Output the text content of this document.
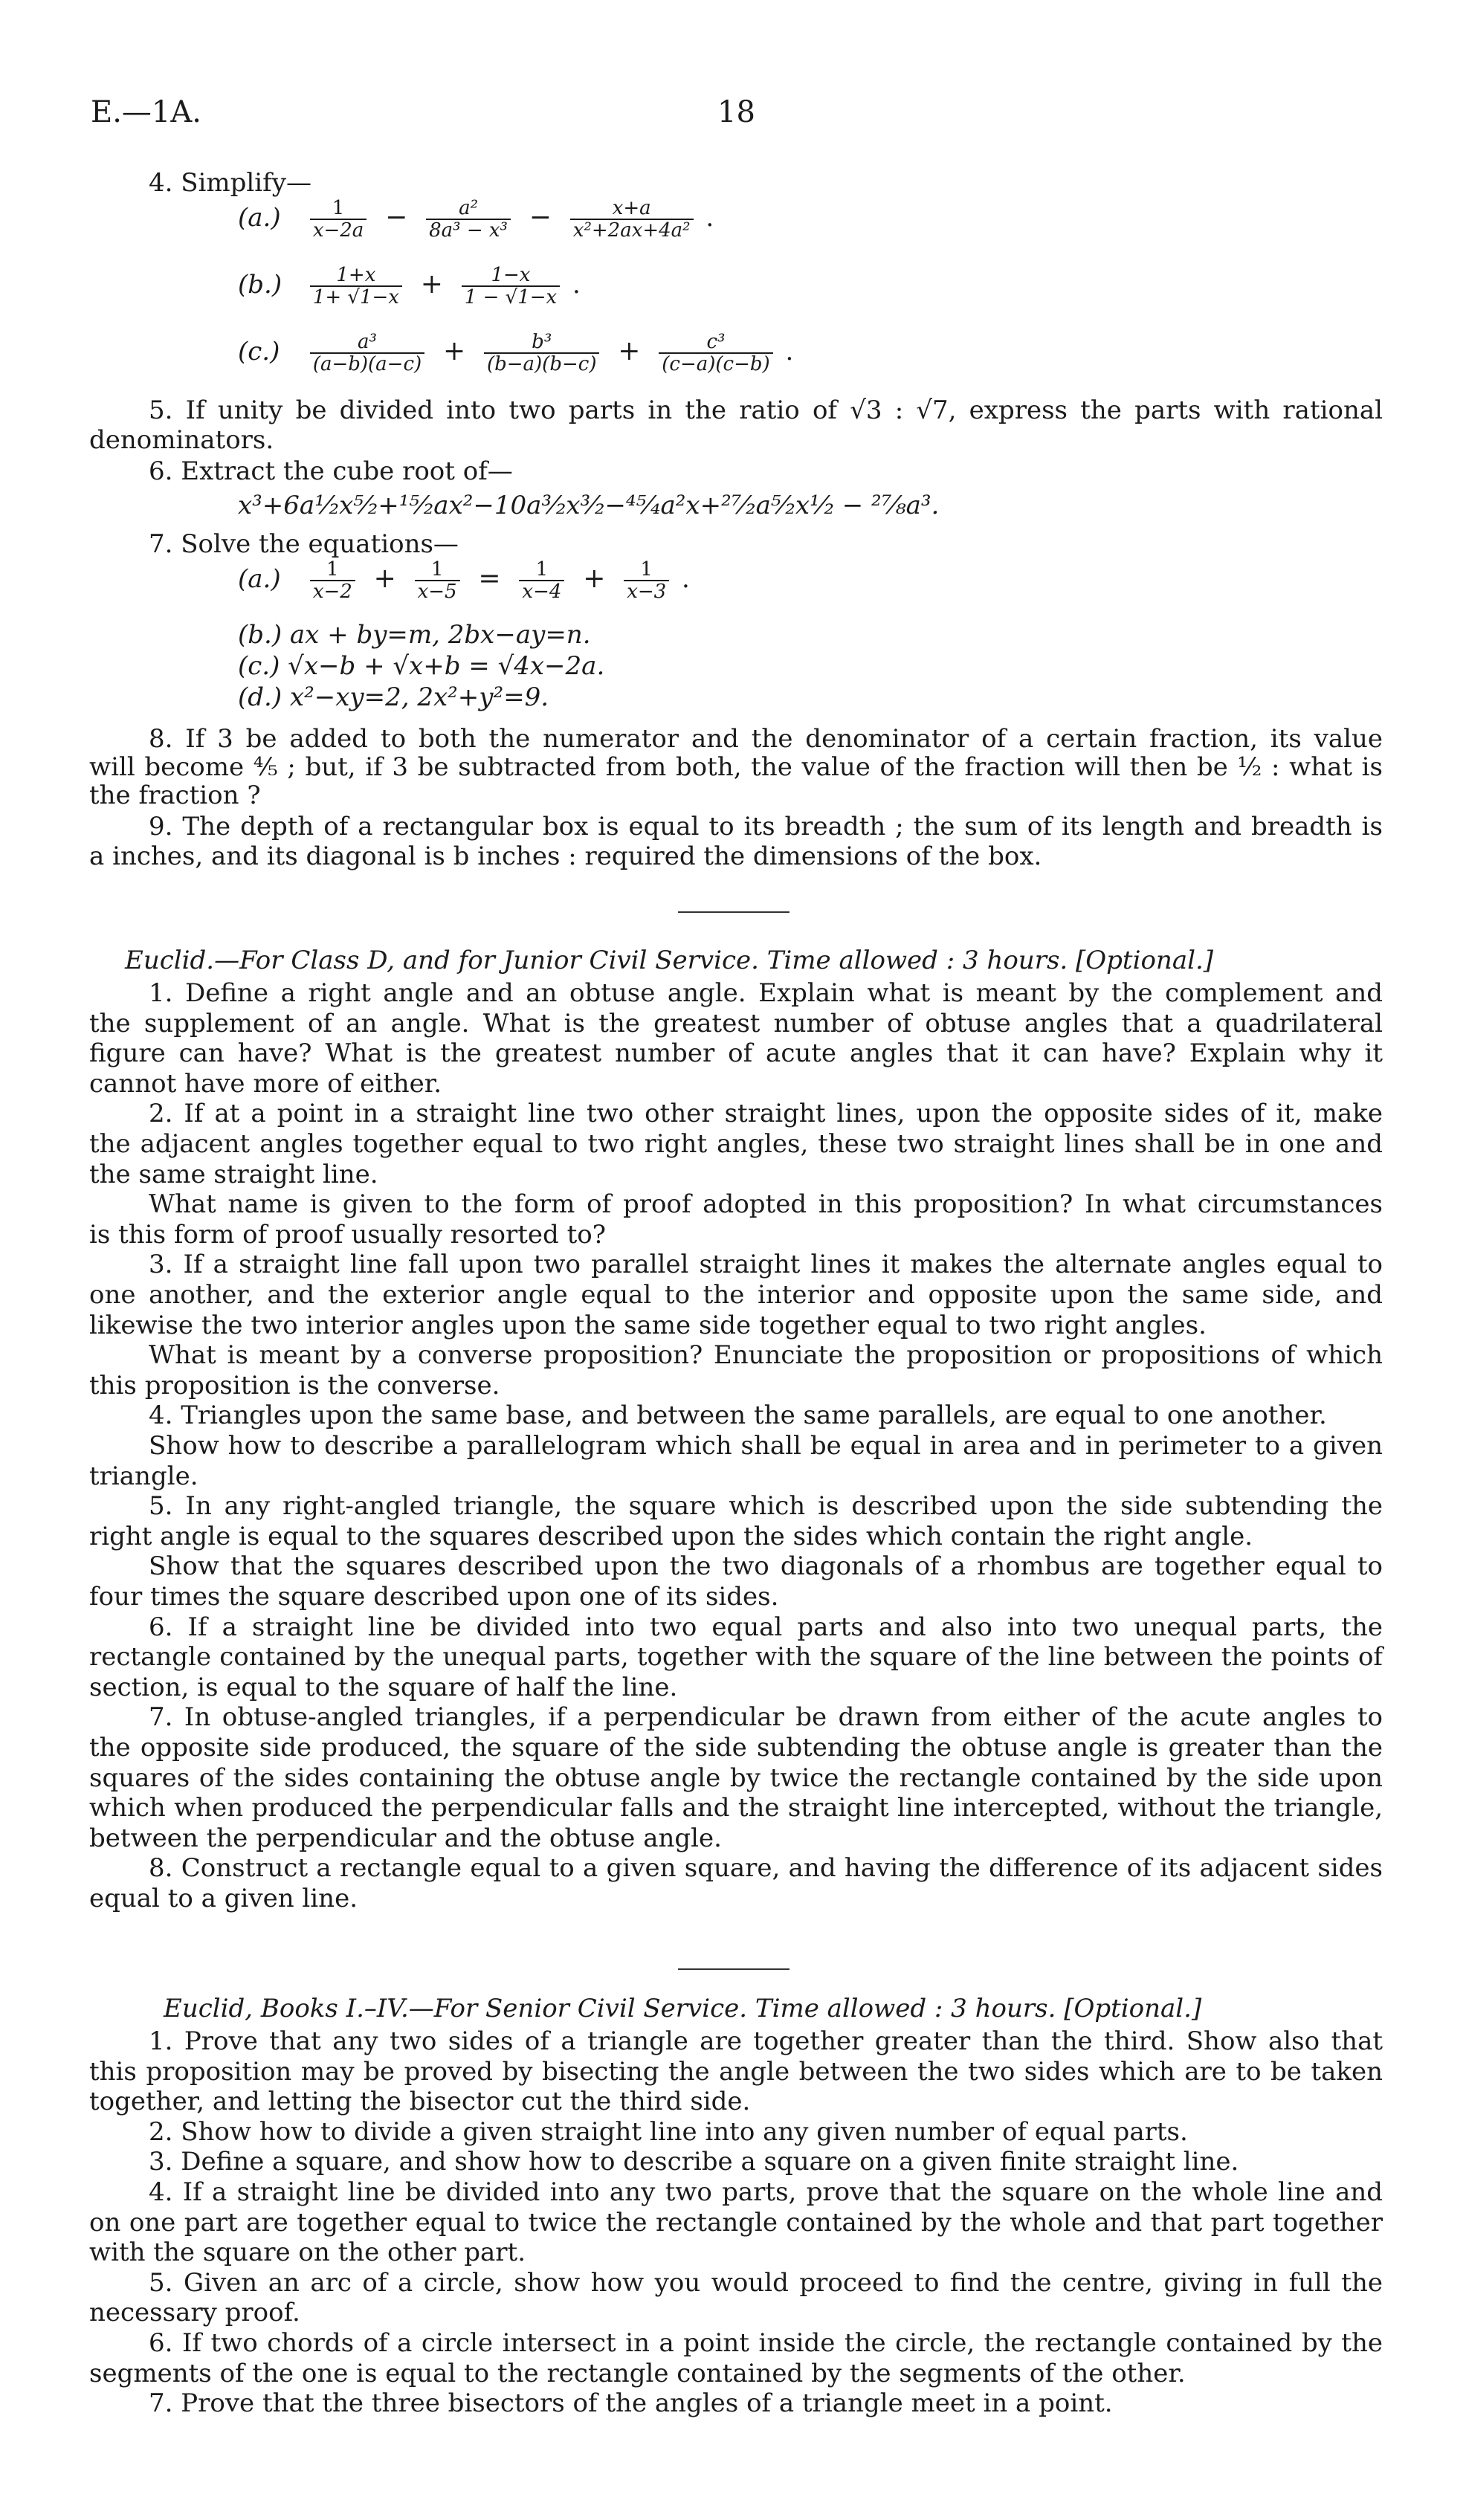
E.—1A.	18
4. Simplify—
$(a.) \frac{1}{x-2a} - \frac{\text{a²}}{\text{8a³ − x³}} - \frac{x+a}{\text{x²+2ax+4a²}}$ .
$(b.) \frac{1+x}{1+ √1-x} + \frac{1-x}{1 - √1-x}$ .
$(c.) \frac{\text{a³}}{(a-b)(a-c)} + \frac{\text{b³}}{(b-a)(b-c)} + \frac{\text{c³}}{(c-a)(c-b)}$ .
5. If unity be divided into two parts in the ratio of √3 : √7, express the parts with rational
denominators.
6. Extract the cube root of—
x³+6a¹⁄₂x⁵⁄₂+¹⁵⁄₂ax²−10a³⁄₂x³⁄₂−⁴⁵⁄₄a²x+²⁷⁄₂a⁵⁄₂x¹⁄₂ − ²⁷⁄₈a³.
7. Solve the equations—
$(a.) \frac{1}{x-2} + \frac{1}{x-5} = \frac{1}{x-4} + \frac{1}{x-3}$ .
(b.) ax + by=m, 2bx−ay=n.
(c.) √x−b + √x+b = √4x−2a.
(d.) x²−xy=2, 2x²+y²=9.
8. If 3 be added to both the numerator and the denominator of a certain fraction, its value
will become ⁴⁄₅ ; but, if 3 be subtracted from both, the value of the fraction will then be ¹⁄₂ : what is
the fraction ?
9. The depth of a rectangular box is equal to its breadth ; the sum of its length and breadth is
a inches, and its diagonal is b inches : required the dimensions of the box.
Euclid.—For Class D, and for Junior Civil Service. Time allowed : 3 hours. [Optional.]
1. Define a right angle and an obtuse angle. Explain what is meant by the complement and
the supplement of an angle. What is the greatest number of obtuse angles that a quadrilateral
figure can have? What is the greatest number of acute angles that it can have? Explain why it
cannot have more of either.
2. If at a point in a straight line two other straight lines, upon the opposite sides of it, make
the adjacent angles together equal to two right angles, these two straight lines shall be in one and
the same straight line.
What name is given to the form of proof adopted in this proposition? In what circumstances
is this form of proof usually resorted to?
3. If a straight line fall upon two parallel straight lines it makes the alternate angles equal to
one another, and the exterior angle equal to the interior and opposite upon the same side, and
likewise the two interior angles upon the same side together equal to two right angles.
What is meant by a converse proposition? Enunciate the proposition or propositions of which
this proposition is the converse.
4. Triangles upon the same base, and between the same parallels, are equal to one another.
Show how to describe a parallelogram which shall be equal in area and in perimeter to a given
triangle.
5. In any right-angled triangle, the square which is described upon the side subtending the
right angle is equal to the squares described upon the sides which contain the right angle.
Show that the squares described upon the two diagonals of a rhombus are together equal to
four times the square described upon one of its sides.
6. If a straight line be divided into two equal parts and also into two unequal parts, the
rectangle contained by the unequal parts, together with the square of the line between the points of
section, is equal to the square of half the line.
7. In obtuse-angled triangles, if a perpendicular be drawn from either of the acute angles to
the opposite side produced, the square of the side subtending the obtuse angle is greater than the
squares of the sides containing the obtuse angle by twice the rectangle contained by the side upon
which when produced the perpendicular falls and the straight line intercepted, without the triangle,
between the perpendicular and the obtuse angle.
8. Construct a rectangle equal to a given square, and having the difference of its adjacent sides
equal to a given line.
Euclid, Books I.–IV.—For Senior Civil Service. Time allowed : 3 hours. [Optional.]
1. Prove that any two sides of a triangle are together greater than the third. Show also that
this proposition may be proved by bisecting the angle between the two sides which are to be taken
together, and letting the bisector cut the third side.
2. Show how to divide a given straight line into any given number of equal parts.
3. Define a square, and show how to describe a square on a given finite straight line.
4. If a straight line be divided into any two parts, prove that the square on the whole line and
on one part are together equal to twice the rectangle contained by the whole and that part together
with the square on the other part.
5. Given an arc of a circle, show how you would proceed to find the centre, giving in full the
necessary proof.
6. If two chords of a circle intersect in a point inside the circle, the rectangle contained by the
segments of the one is equal to the rectangle contained by the segments of the other.
7. Prove that the three bisectors of the angles of a triangle meet in a point.
